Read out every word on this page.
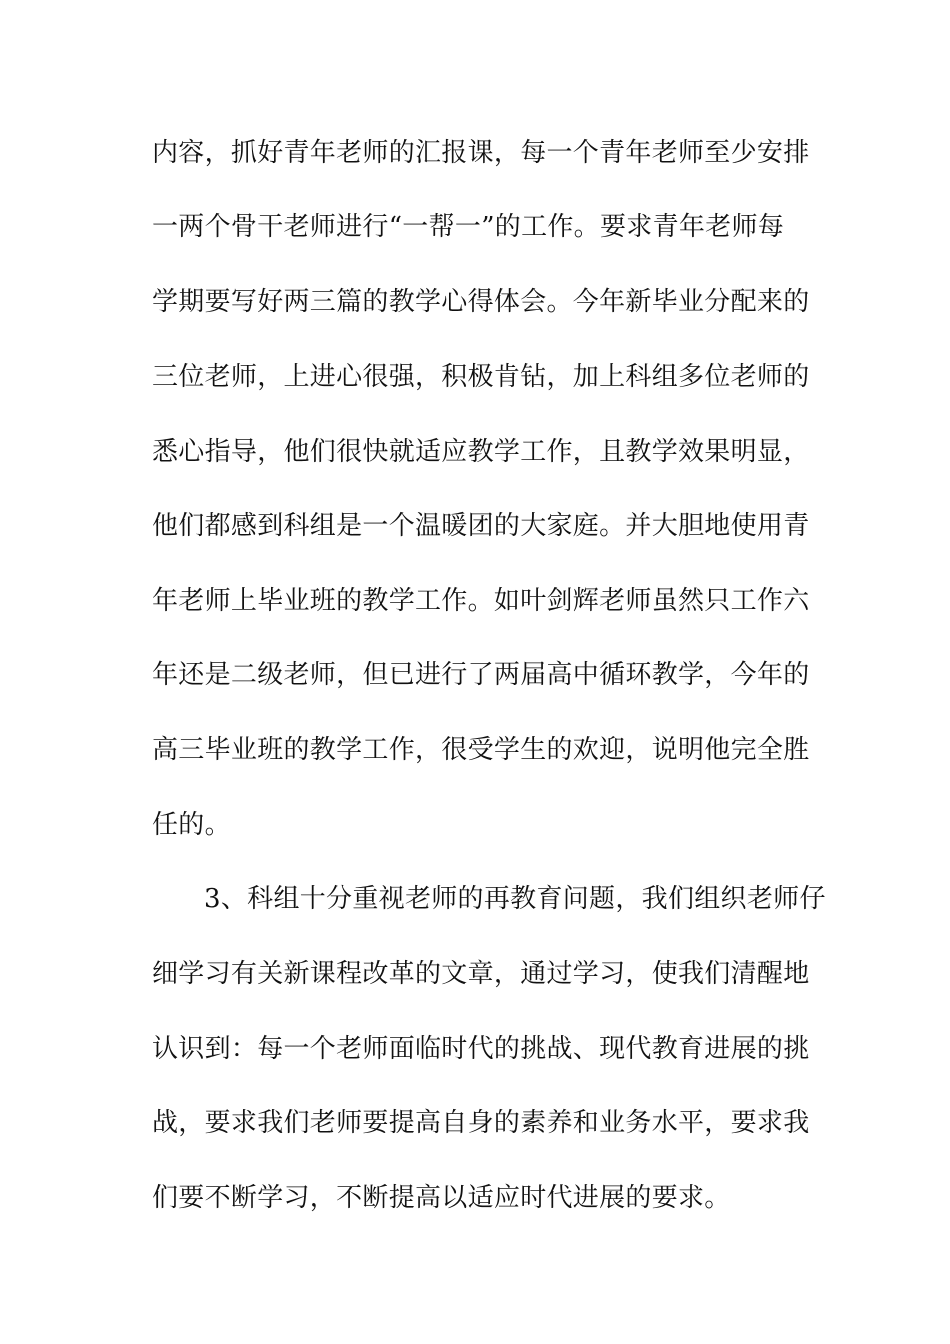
内容，抓好青年老师的汇报课，每一个青年老师至少安排
一两个骨干老师进行“一帮一”的工作。要求青年老师每
学期要写好两三篇的教学心得体会。今年新毕业分配来的
三位老师，上进心很强，积极肯钻，加上科组多位老师的
悉心指导，他们很快就适应教学工作，且教学效果明显，
他们都感到科组是一个温暖团的大家庭。并大胆地使用青
年老师上毕业班的教学工作。如叶剑辉老师虽然只工作六
年还是二级老师，但已进行了两届高中循环教学，今年的
高三毕业班的教学工作，很受学生的欢迎，说明他完全胜
任的。
3、科组十分重视老师的再教育问题，我们组织老师仔
细学习有关新课程改革的文章，通过学习，使我们清醒地
认识到：每一个老师面临时代的挑战、现代教育进展的挑
战，要求我们老师要提高自身的素养和业务水平，要求我
们要不断学习，不断提高以适应时代进展的要求。
